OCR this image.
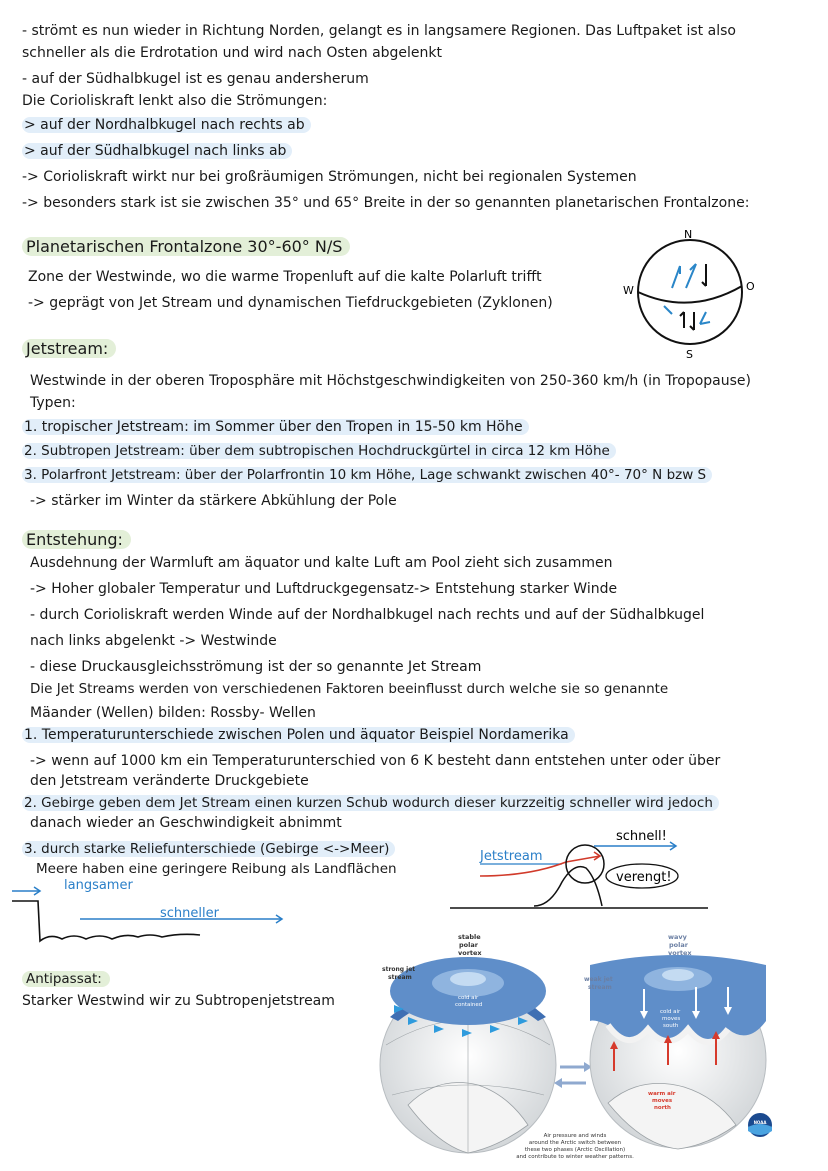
- strömt es nun wieder in Richtung Norden, gelangt es in langsamere Regionen. Das Luftpaket ist also
schneller als die Erdrotation und wird nach Osten abgelenkt
- auf der Südhalbkugel ist es genau andersherum
Die Corioliskraft lenkt also die Strömungen:
> auf der Nordhalbkugel nach rechts ab
> auf der Südhalbkugel nach links ab
-> Corioliskraft wirkt nur bei großräumigen Strömungen, nicht bei regionalen Systemen
-> besonders stark ist sie zwischen 35° und 65° Breite in der so genannten planetarischen Frontalzone:
Planetarischen Frontalzone 30°-60° N/S
Zone der Westwinde, wo die warme Tropenluft auf die kalte Polarluft trifft
-> geprägt von Jet Stream und dynamischen Tiefdruckgebieten (Zyklonen)
N
S
W	O
Jetstream:
Westwinde in der oberen Troposphäre mit Höchstgeschwindigkeiten von 250-360 km/h (in Tropopause)
Typen:
1. tropischer Jetstream: im Sommer über den Tropen in 15-50 km Höhe
2. Subtropen Jetstream: über dem subtropischen Hochdruckgürtel in circa 12 km Höhe
3. Polarfront Jetstream: über der Polarfrontin 10 km Höhe, Lage schwankt zwischen 40°- 70° N bzw S
-> stärker im Winter da stärkere Abkühlung der Pole
Entstehung:
Ausdehnung der Warmluft am äquator und kalte Luft am Pool zieht sich zusammen
-> Hoher globaler Temperatur und Luftdruckgegensatz-> Entstehung starker Winde
- durch Corioliskraft werden Winde auf der Nordhalbkugel nach rechts und auf der Südhalbkugel
nach links abgelenkt -> Westwinde
- diese Druckausgleichsströmung ist der so genannte Jet Stream
Die Jet Streams werden von verschiedenen Faktoren beeinflusst durch welche sie so genannte
Mäander (Wellen) bilden: Rossby- Wellen
1. Temperaturunterschiede zwischen Polen und äquator Beispiel Nordamerika
-> wenn auf 1000 km ein Temperaturunterschied von 6 K besteht dann entstehen unter oder über
den Jetstream veränderte Druckgebiete
2. Gebirge geben dem Jet Stream einen kurzen Schub wodurch dieser kurzzeitig schneller wird jedoch
danach wieder an Geschwindigkeit abnimmt
3. durch starke Reliefunterschiede (Gebirge <->Meer)
Meere haben eine geringere Reibung als Landflächen
schnell!
Jetstream
verengt!
langsamer
schneller
Antipassat:
Starker Westwind wir zu Subtropenjetstream
stable
polar
vortex
strong jet
stream
cold air
contained
wavy
polar
vortex
weak jet
stream
cold air
moves
south
warm air
moves
north
Air pressure and winds
around the Arctic switch between
these two phases (Arctic Oscillation)
and contribute to winter weather patterns.
NOAA
